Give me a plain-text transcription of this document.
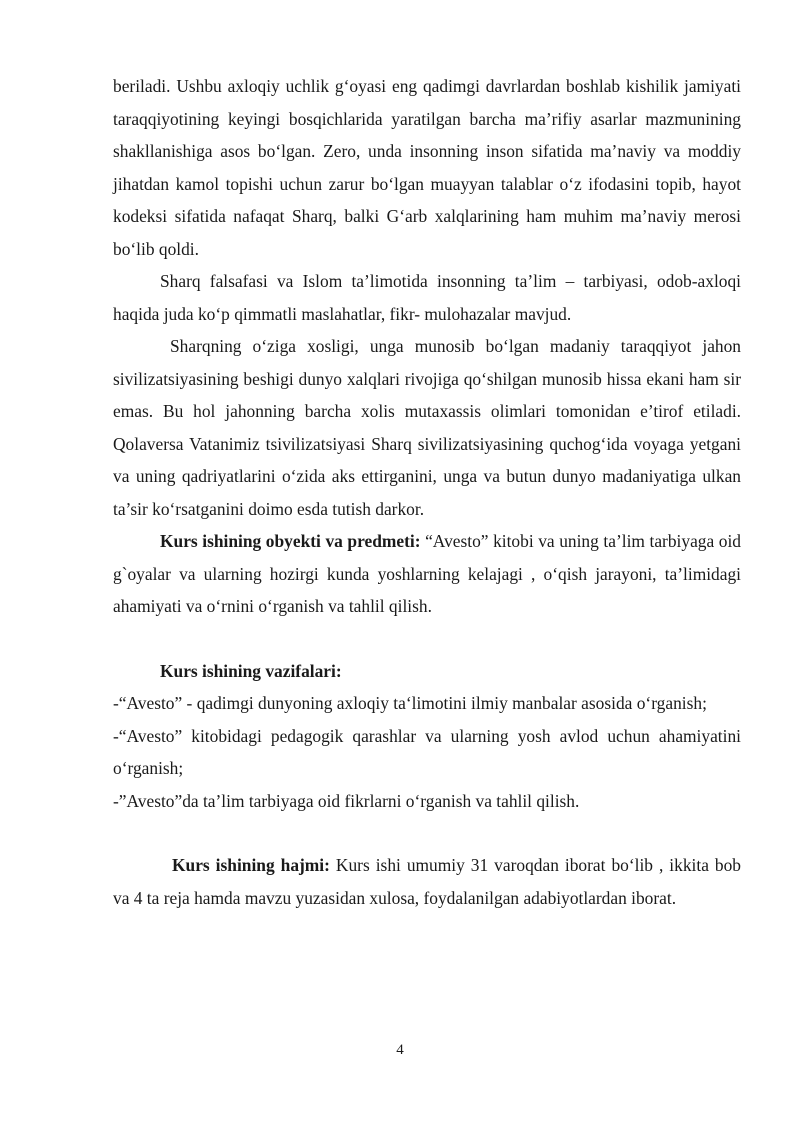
beriladi. Ushbu axloqiy uchlik g‘oyasi eng qadimgi davrlardan boshlab kishilik jamiyati taraqqiyotining keyingi bosqichlarida yaratilgan barcha ma’rifiy asarlar mazmunining shakllanishiga asos bo‘lgan. Zero, unda insonning inson sifatida ma’naviy va moddiy jihatdan kamol topishi uchun zarur bo‘lgan muayyan talablar o‘z ifodasini topib, hayot kodeksi sifatida nafaqat Sharq, balki G‘arb xalqlarining ham muhim ma’naviy merosi bo‘lib qoldi.

Sharq falsafasi va Islom ta’limotida insonning ta’lim – tarbiyasi, odob-axloqi haqida juda ko‘p qimmatli maslahatlar, fikr- mulohazalar mavjud.

Sharqning o‘ziga xosligi, unga munosib bo‘lgan madaniy taraqqiyot jahon sivilizatsiyasining beshigi dunyo xalqlari rivojiga qo‘shilgan munosib hissa ekani ham sir emas. Bu hol jahonning barcha xolis mutaxassis olimlari tomonidan e’tirof etiladi. Qolaversa Vatanimiz tsivilizatsiyasi Sharq sivilizatsiyasining quchog‘ida voyaga yetgani va uning qadriyatlarini o‘zida aks ettirganini, unga va butun dunyo madaniyatiga ulkan ta’sir ko‘rsatganini doimo esda tutish darkor.

Kurs ishining obyekti va predmeti: “Avesto” kitobi va uning ta’lim tarbiyaga oid g`oyalar va ularning hozirgi kunda yoshlarning kelajagi , o‘qish jarayoni, ta’limidagi ahamiyati va o‘rnini o‘rganish va tahlil qilish.

Kurs ishining vazifalari:

-“Avesto” - qadimgi dunyoning axloqiy ta‘limotini ilmiy manbalar asosida o‘rganish;

-“Avesto” kitobidagi pedagogik qarashlar va ularning yosh avlod uchun ahamiyatini o‘rganish;

-”Avesto”da ta’lim tarbiyaga oid fikrlarni o‘rganish va tahlil qilish.

Kurs ishining hajmi: Kurs ishi umumiy 31 varoqdan iborat bo‘lib , ikkita bob va 4 ta reja hamda mavzu yuzasidan xulosa, foydalanilgan adabiyotlardan iborat.

4
